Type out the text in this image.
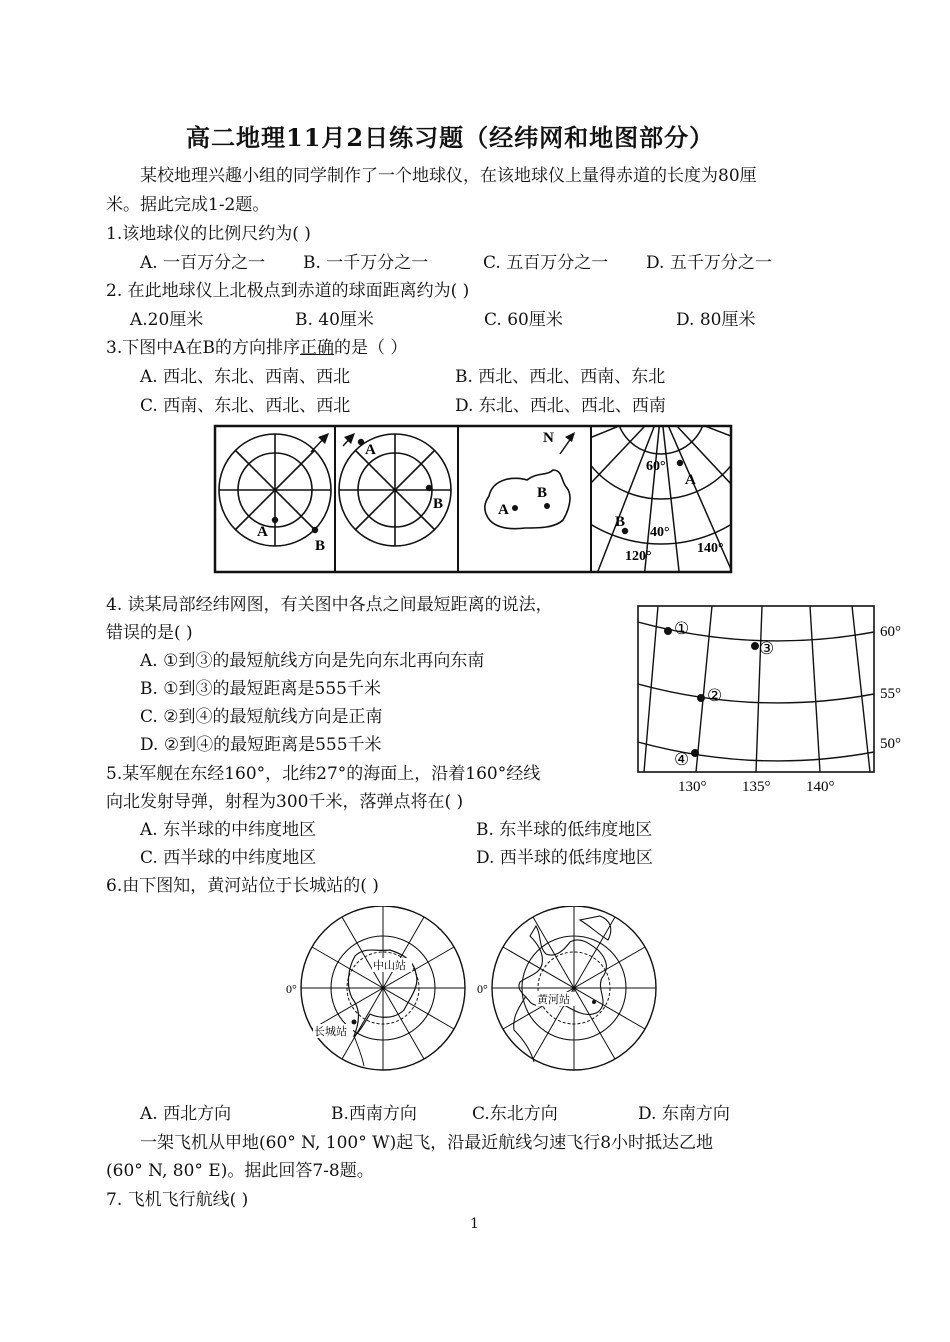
高二地理11月2日练习题（经纬网和地图部分）
某校地理兴趣小组的同学制作了一个地球仪，在该地球仪上量得赤道的长度为80厘
米。据此完成1-2题。
1.该地球仪的比例尺约为( )
A. 一百万分之一 B. 一千万分之一	C. 五百万分之一 D. 五千万分之一
2. 在此地球仪上北极点到赤道的球面距离约为( )
A.20厘米	B. 40厘米	C. 60厘米	D. 80厘米
3.下图中A在B的方向排序正确的是（ ）
A. 西北、东北、西南、西北	B. 西北、西北、西南、东北
C. 西南、东北、西北、西北	D. 东北、西北、西北、西南
A
B
A
B
N
A
B
60°
40°
A
B
120°
140°
4. 读某局部经纬网图，有关图中各点之间最短距离的说法，
错误的是( )
A. ①到③的最短航线方向是先向东北再向东南
B. ①到③的最短距离是555千米
C. ②到④的最短航线方向是正南
D. ②到④的最短距离是555千米
①
③
②
④
60°
55°
50°
130° 135° 140°
5.某军舰在东经160°，北纬27°的海面上，沿着160°经线
向北发射导弹，射程为300千米，落弹点将在( )
A. 东半球的中纬度地区	B. 东半球的低纬度地区
C. 西半球的中纬度地区	D. 西半球的低纬度地区
6.由下图知，黄河站位于长城站的( )
中山站
长城站
0°
黄河站
0°
A. 西北方向	B.西南方向	C.东北方向	D. 东南方向
一架飞机从甲地(60° N, 100° W)起飞，沿最近航线匀速飞行8小时抵达乙地
(60° N, 80° E)。据此回答7-8题。
7. 飞机飞行航线( )
1
